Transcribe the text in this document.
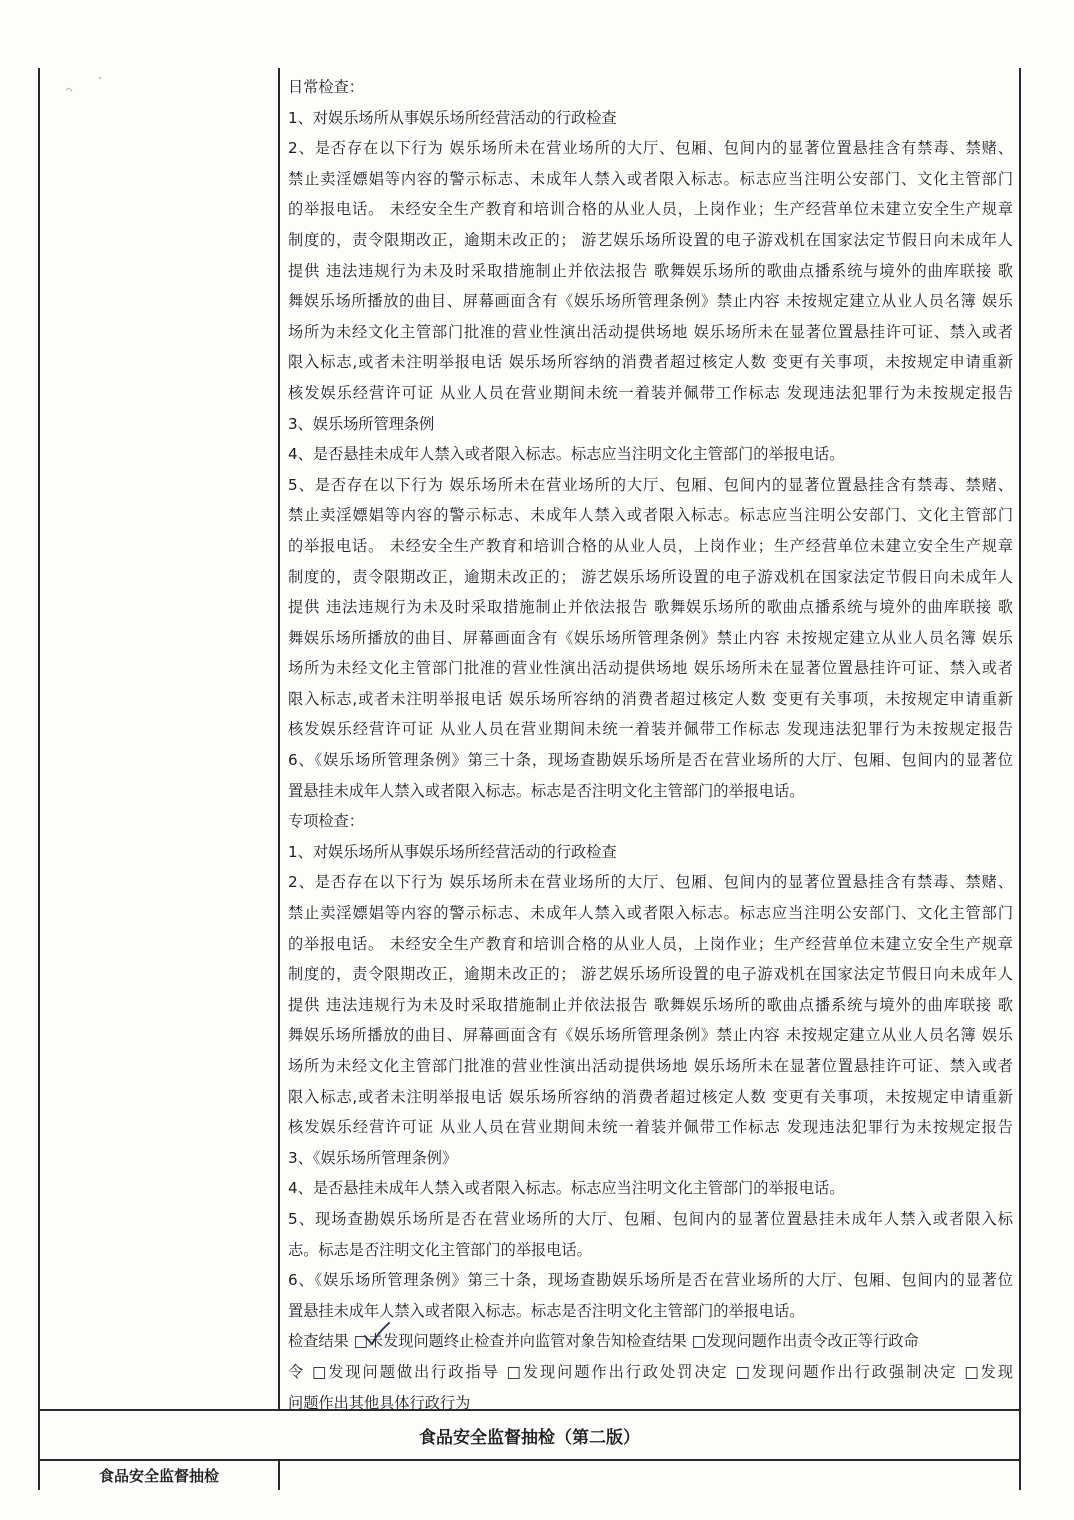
日常检查：
1、对娱乐场所从事娱乐场所经营活动的行政检查
2、是否存在以下行为 娱乐场所未在营业场所的大厅、包厢、包间内的显著位置悬挂含有禁毒、禁赌、
禁止卖淫嫖娼等内容的警示标志、未成年人禁入或者限入标志。标志应当注明公安部门、文化主管部门
的举报电话。 未经安全生产教育和培训合格的从业人员，上岗作业；生产经营单位未建立安全生产规章
制度的，责令限期改正，逾期未改正的； 游艺娱乐场所设置的电子游戏机在国家法定节假日向未成年人
提供 违法违规行为未及时采取措施制止并依法报告 歌舞娱乐场所的歌曲点播系统与境外的曲库联接 歌
舞娱乐场所播放的曲目、屏幕画面含有《娱乐场所管理条例》禁止内容 未按规定建立从业人员名簿 娱乐
场所为未经文化主管部门批准的营业性演出活动提供场地 娱乐场所未在显著位置悬挂许可证、禁入或者
限入标志,或者未注明举报电话 娱乐场所容纳的消费者超过核定人数 变更有关事项，未按规定申请重新
核发娱乐经营许可证 从业人员在营业期间未统一着装并佩带工作标志 发现违法犯罪行为未按规定报告
3、娱乐场所管理条例
4、是否悬挂未成年人禁入或者限入标志。标志应当注明文化主管部门的举报电话。
5、是否存在以下行为 娱乐场所未在营业场所的大厅、包厢、包间内的显著位置悬挂含有禁毒、禁赌、
禁止卖淫嫖娼等内容的警示标志、未成年人禁入或者限入标志。标志应当注明公安部门、文化主管部门
的举报电话。 未经安全生产教育和培训合格的从业人员，上岗作业；生产经营单位未建立安全生产规章
制度的，责令限期改正，逾期未改正的； 游艺娱乐场所设置的电子游戏机在国家法定节假日向未成年人
提供 违法违规行为未及时采取措施制止并依法报告 歌舞娱乐场所的歌曲点播系统与境外的曲库联接 歌
舞娱乐场所播放的曲目、屏幕画面含有《娱乐场所管理条例》禁止内容 未按规定建立从业人员名簿 娱乐
场所为未经文化主管部门批准的营业性演出活动提供场地 娱乐场所未在显著位置悬挂许可证、禁入或者
限入标志,或者未注明举报电话 娱乐场所容纳的消费者超过核定人数 变更有关事项，未按规定申请重新
核发娱乐经营许可证 从业人员在营业期间未统一着装并佩带工作标志 发现违法犯罪行为未按规定报告
6、《娱乐场所管理条例》第三十条，现场查勘娱乐场所是否在营业场所的大厅、包厢、包间内的显著位
置悬挂未成年人禁入或者限入标志。标志是否注明文化主管部门的举报电话。
专项检查：
1、对娱乐场所从事娱乐场所经营活动的行政检查
2、是否存在以下行为 娱乐场所未在营业场所的大厅、包厢、包间内的显著位置悬挂含有禁毒、禁赌、
禁止卖淫嫖娼等内容的警示标志、未成年人禁入或者限入标志。标志应当注明公安部门、文化主管部门
的举报电话。 未经安全生产教育和培训合格的从业人员，上岗作业；生产经营单位未建立安全生产规章
制度的，责令限期改正，逾期未改正的； 游艺娱乐场所设置的电子游戏机在国家法定节假日向未成年人
提供 违法违规行为未及时采取措施制止并依法报告 歌舞娱乐场所的歌曲点播系统与境外的曲库联接 歌
舞娱乐场所播放的曲目、屏幕画面含有《娱乐场所管理条例》禁止内容 未按规定建立从业人员名簿 娱乐
场所为未经文化主管部门批准的营业性演出活动提供场地 娱乐场所未在显著位置悬挂许可证、禁入或者
限入标志,或者未注明举报电话 娱乐场所容纳的消费者超过核定人数 变更有关事项，未按规定申请重新
核发娱乐经营许可证 从业人员在营业期间未统一着装并佩带工作标志 发现违法犯罪行为未按规定报告
3、《娱乐场所管理条例》
4、是否悬挂未成年人禁入或者限入标志。标志应当注明文化主管部门的举报电话。
5、现场查勘娱乐场所是否在营业场所的大厅、包厢、包间内的显著位置悬挂未成年人禁入或者限入标
志。标志是否注明文化主管部门的举报电话。
6、《娱乐场所管理条例》第三十条，现场查勘娱乐场所是否在营业场所的大厅、包厢、包间内的显著位
置悬挂未成年人禁入或者限入标志。标志是否注明文化主管部门的举报电话。
检查结果 □未发现问题终止检查并向监管对象告知检查结果 □发现问题作出责令改正等行政命
令 □发现问题做出行政指导 □发现问题作出行政处罚决定 □发现问题作出行政强制决定 □发现
问题作出其他具体行政行为
食品安全监督抽检（第二版）
食品安全监督抽检
